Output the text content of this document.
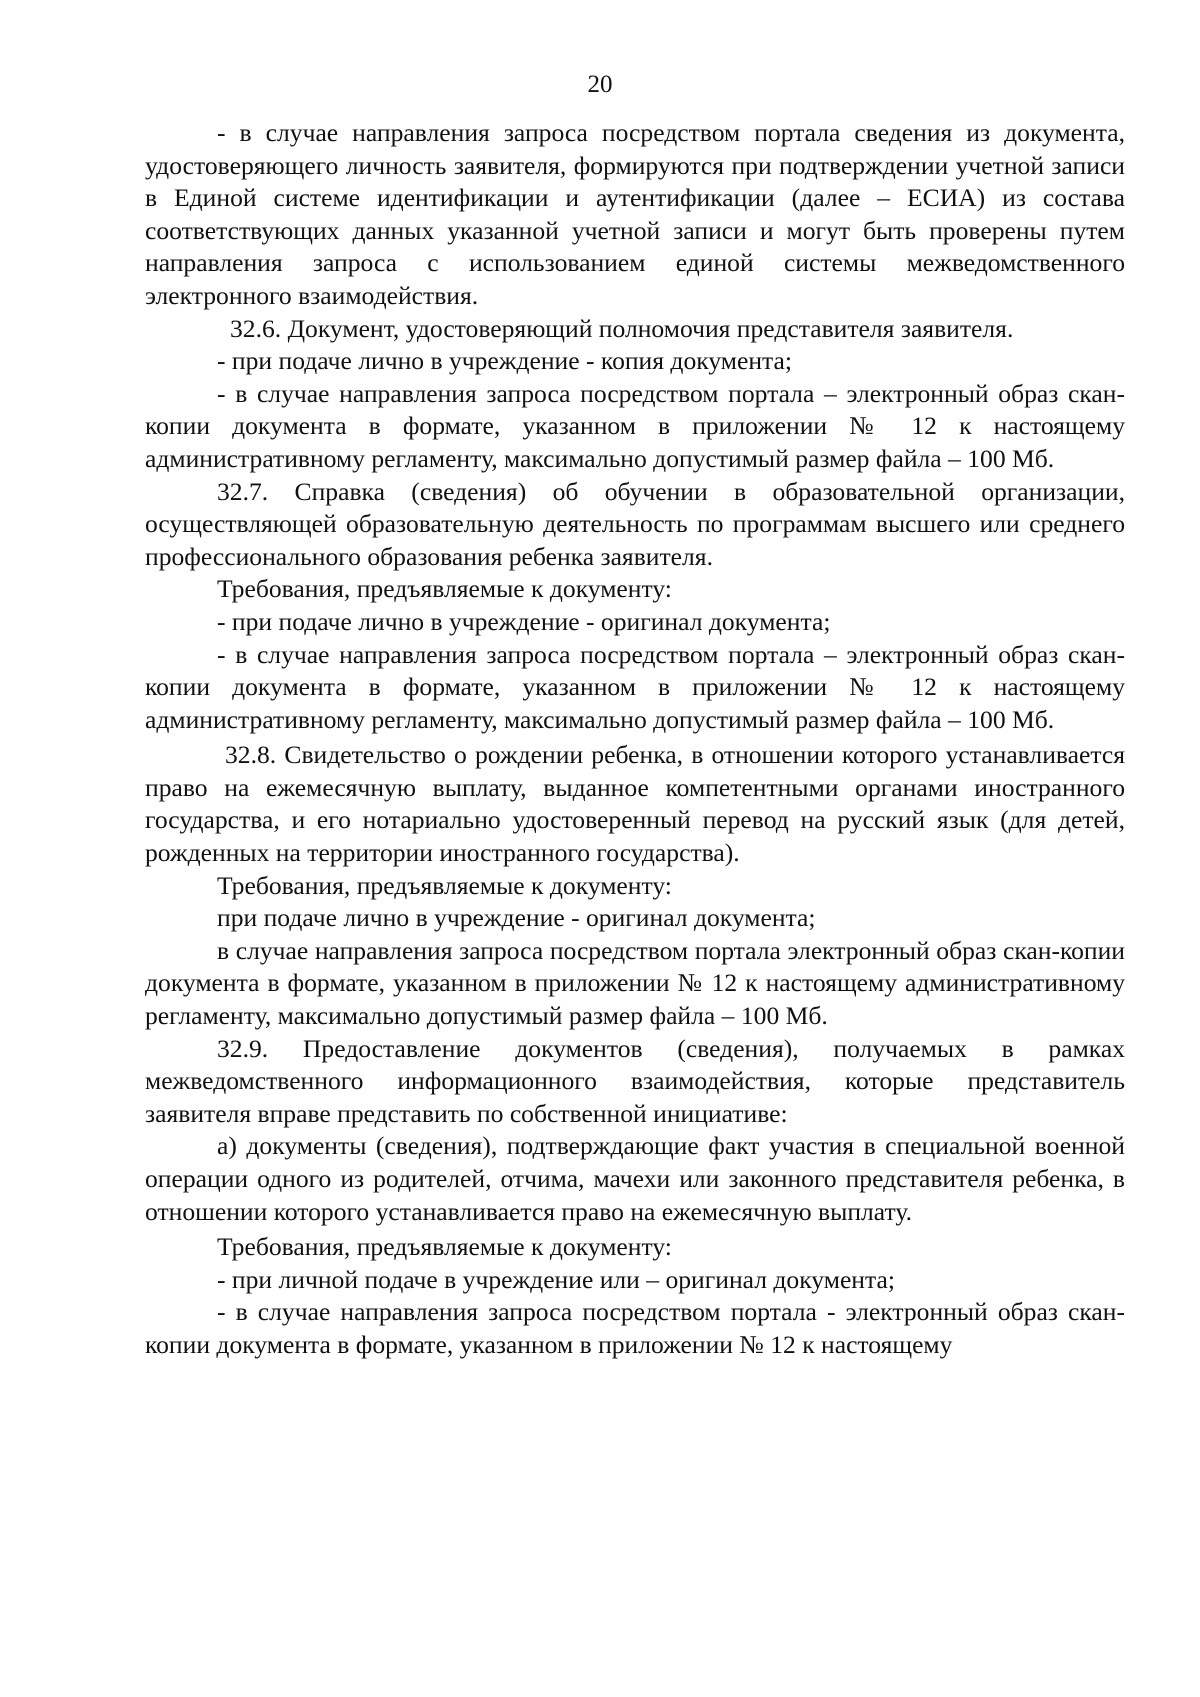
20

- в случае направления запроса посредством портала сведения из документа, удостоверяющего личность заявителя, формируются при подтверждении учетной записи в Единой системе идентификации и аутентификации (далее – ЕСИА) из состава соответствующих данных указанной учетной записи и могут быть проверены путем направления запроса с использованием единой системы межведомственного электронного взаимодействия.

32.6. Документ, удостоверяющий полномочия представителя заявителя.

- при подаче лично в учреждение - копия документа;

- в случае направления запроса посредством портала – электронный образ скан-копии документа в формате, указанном в приложении № 12 к настоящему административному регламенту, максимально допустимый размер файла – 100 Мб.

32.7. Справка (сведения) об обучении в образовательной организации, осуществляющей образовательную деятельность по программам высшего или среднего профессионального образования ребенка заявителя.

Требования, предъявляемые к документу:

- при подаче лично в учреждение - оригинал документа;

- в случае направления запроса посредством портала – электронный образ скан-копии документа в формате, указанном в приложении № 12 к настоящему административному регламенту, максимально допустимый размер файла – 100 Мб.

32.8. Свидетельство о рождении ребенка, в отношении которого устанавливается право на ежемесячную выплату, выданное компетентными органами иностранного государства, и его нотариально удостоверенный перевод на русский язык (для детей, рожденных на территории иностранного государства).

Требования, предъявляемые к документу:

при подаче лично в учреждение - оригинал документа;

в случае направления запроса посредством портала электронный образ скан-копии документа в формате, указанном в приложении № 12 к настоящему административному регламенту, максимально допустимый размер файла – 100 Мб.

32.9. Предоставление документов (сведения), получаемых в рамках межведомственного информационного взаимодействия, которые представитель заявителя вправе представить по собственной инициативе:

а) документы (сведения), подтверждающие факт участия в специальной военной операции одного из родителей, отчима, мачехи или законного представителя ребенка, в отношении которого устанавливается право на ежемесячную выплату.

Требования, предъявляемые к документу:

- при личной подаче в учреждение или – оригинал документа;

- в случае направления запроса посредством портала - электронный образ скан-копии документа в формате, указанном в приложении № 12 к настоящему
